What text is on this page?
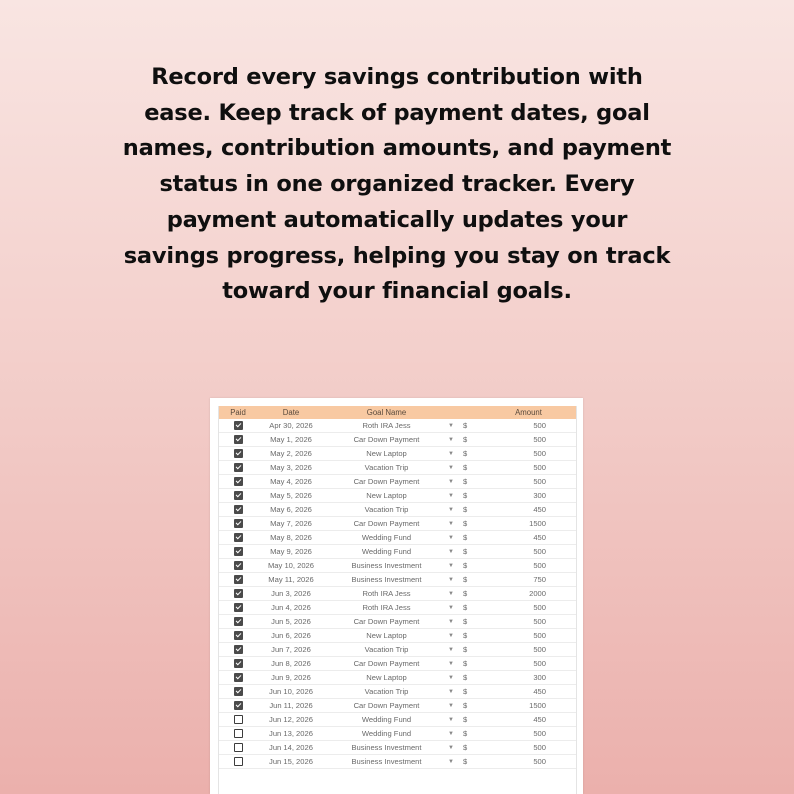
Record every savings contribution with ease. Keep track of payment dates, goal names, contribution amounts, and payment status in one organized tracker. Every payment automatically updates your savings progress, helping you stay on track toward your financial goals.

Paid	Date	Goal Name			Amount
	Apr 30, 2026	Roth IRA Jess	▼	$	500
	May 1, 2026	Car Down Payment	▼	$	500
	May 2, 2026	New Laptop	▼	$	500
	May 3, 2026	Vacation Trip	▼	$	500
	May 4, 2026	Car Down Payment	▼	$	500
	May 5, 2026	New Laptop	▼	$	300
	May 6, 2026	Vacation Trip	▼	$	450
	May 7, 2026	Car Down Payment	▼	$	1500
	May 8, 2026	Wedding Fund	▼	$	450
	May 9, 2026	Wedding Fund	▼	$	500
	May 10, 2026	Business Investment	▼	$	500
	May 11, 2026	Business Investment	▼	$	750
	Jun 3, 2026	Roth IRA Jess	▼	$	2000
	Jun 4, 2026	Roth IRA Jess	▼	$	500
	Jun 5, 2026	Car Down Payment	▼	$	500
	Jun 6, 2026	New Laptop	▼	$	500
	Jun 7, 2026	Vacation Trip	▼	$	500
	Jun 8, 2026	Car Down Payment	▼	$	500
	Jun 9, 2026	New Laptop	▼	$	300
	Jun 10, 2026	Vacation Trip	▼	$	450
	Jun 11, 2026	Car Down Payment	▼	$	1500
	Jun 12, 2026	Wedding Fund	▼	$	450
	Jun 13, 2026	Wedding Fund	▼	$	500
	Jun 14, 2026	Business Investment	▼	$	500
	Jun 15, 2026	Business Investment	▼	$	500
